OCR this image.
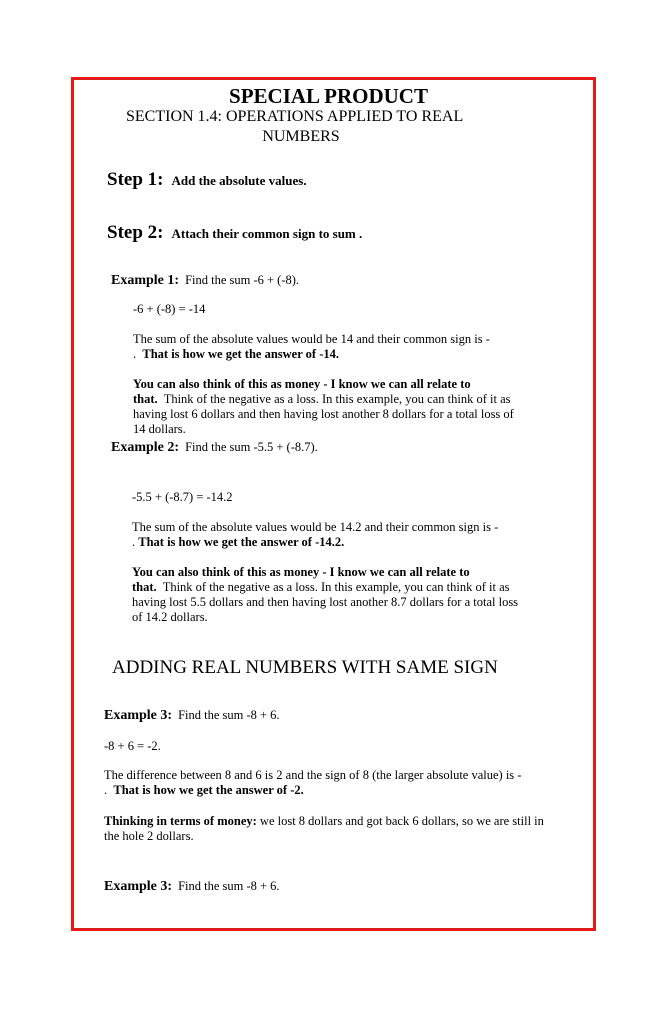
SPECIAL PRODUCT
SECTION 1.4: OPERATIONS APPLIED TO REAL
NUMBERS
Step 1: Add the absolute values.
Step 2: Attach their common sign to sum .
Example 1: Find the sum -6 + (-8).
-6 + (-8) = -14
The sum of the absolute values would be 14 and their common sign is -
. That is how we get the answer of -14.
You can also think of this as money - I know we can all relate to
that. Think of the negative as a loss. In this example, you can think of it as
having lost 6 dollars and then having lost another 8 dollars for a total loss of
14 dollars.
Example 2: Find the sum -5.5 + (-8.7).
-5.5 + (-8.7) = -14.2
The sum of the absolute values would be 14.2 and their common sign is -
. That is how we get the answer of -14.2.
You can also think of this as money - I know we can all relate to
that. Think of the negative as a loss. In this example, you can think of it as
having lost 5.5 dollars and then having lost another 8.7 dollars for a total loss
of 14.2 dollars.
ADDING REAL NUMBERS WITH SAME SIGN
Example 3: Find the sum -8 + 6.
-8 + 6 = -2.
The difference between 8 and 6 is 2 and the sign of 8 (the larger absolute value) is -
. That is how we get the answer of -2.
Thinking in terms of money: we lost 8 dollars and got back 6 dollars, so we are still in
the hole 2 dollars.
Example 3: Find the sum -8 + 6.
